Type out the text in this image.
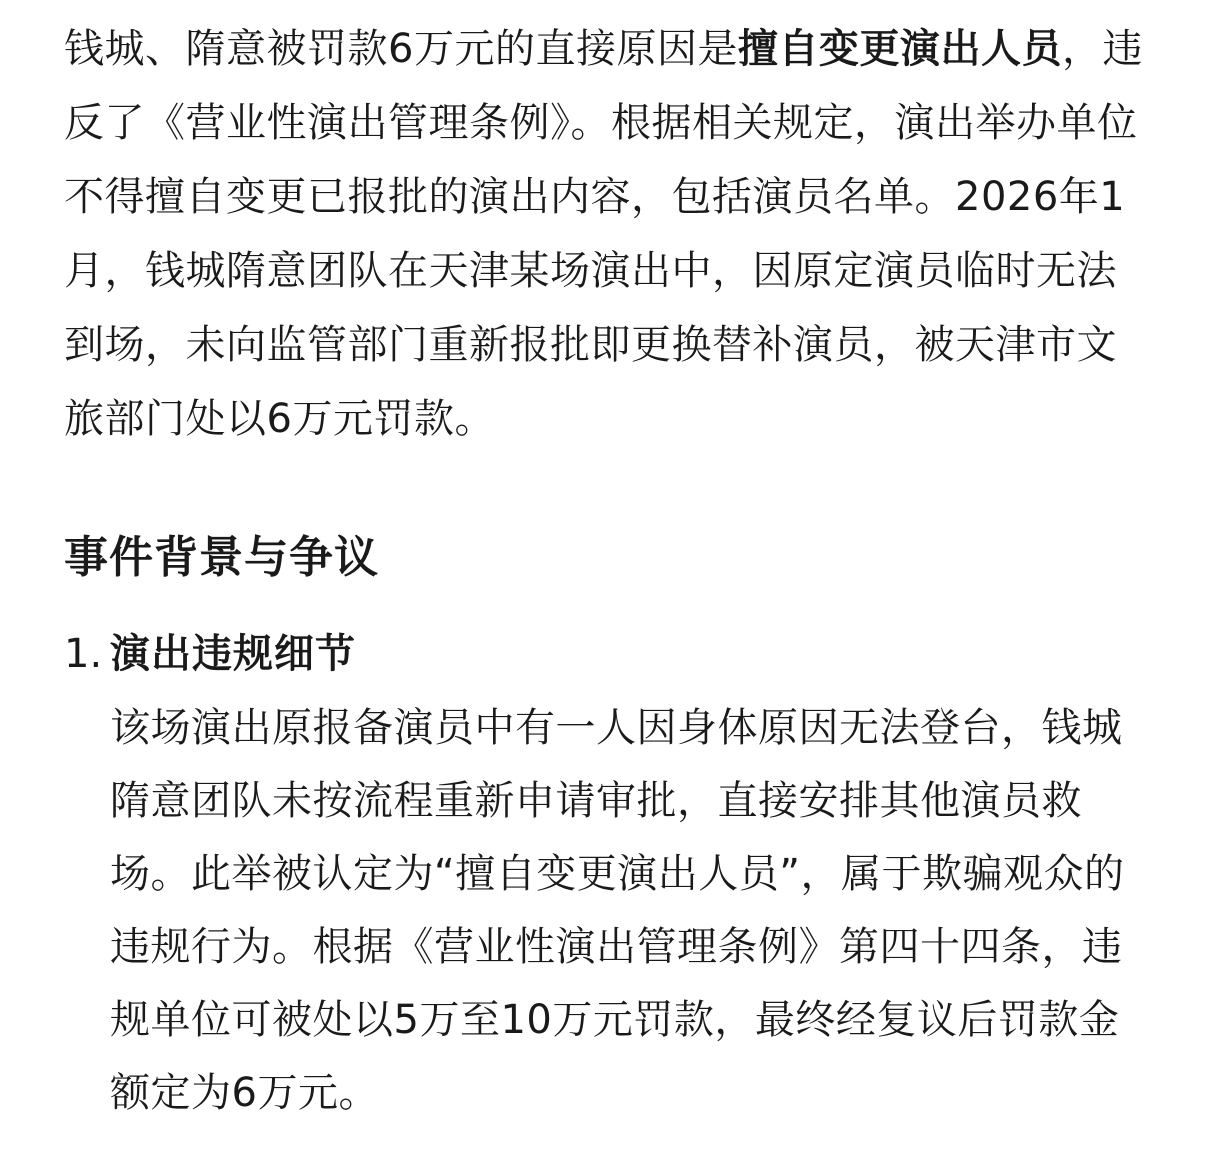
钱城、隋意被罚款6万元的直接原因是擅自变更演出人员，违反了《营业性演出管理条例》。根据相关规定，演出举办单位不得擅自变更已报批的演出内容，包括演员名单。2026年1月，钱城隋意团队在天津某场演出中，因原定演员临时无法到场，未向监管部门重新报批即更换替补演员，被天津市文旅部门处以6万元罚款。

事件背景与争议
1. 演出违规细节

该场演出原报备演员中有一人因身体原因无法登台，钱城隋意团队未按流程重新申请审批，直接安排其他演员救场。此举被认定为“擅自变更演出人员”，属于欺骗观众的违规行为。根据《营业性演出管理条例》第四十四条，违规单位可被处以5万至10万元罚款，最终经复议后罚款金额定为6万元。
